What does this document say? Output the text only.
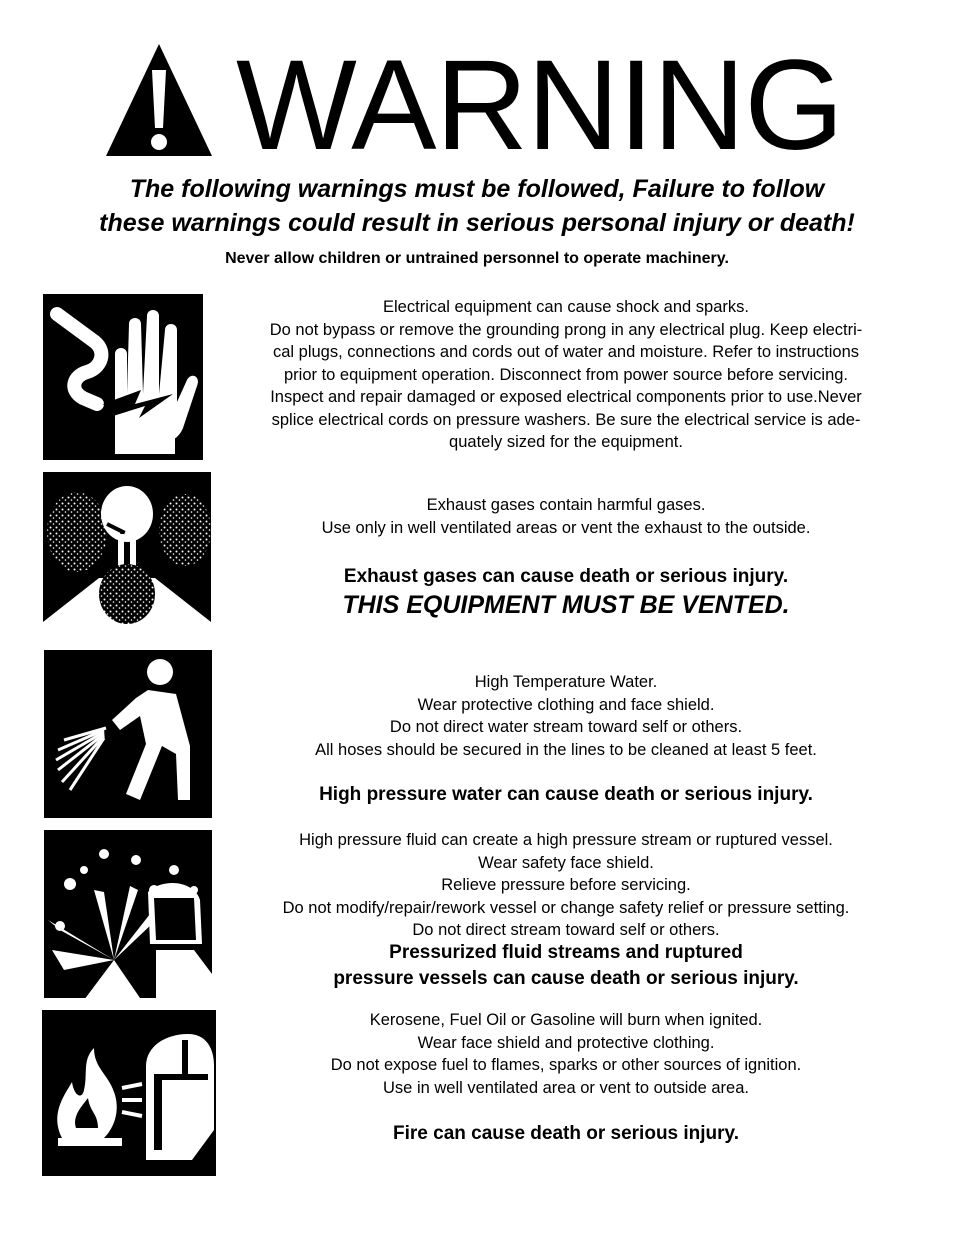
WARNING
The following warnings must be followed, Failure to follow
these warnings could result in serious personal injury or death!
Never allow children or untrained personnel to operate machinery.
Electrical equipment can cause shock and sparks.
Do not bypass or remove the grounding prong in any electrical plug. Keep electri-
cal plugs, connections and cords out of water and moisture. Refer to instructions
prior to equipment operation. Disconnect from power source before servicing.
Inspect and repair damaged or exposed electrical components prior to use.Never
splice electrical cords on pressure washers. Be sure the electrical service is ade-
quately sized for the equipment.
Exhaust gases contain harmful gases.
Use only in well ventilated areas or vent the exhaust to the outside.
Exhaust gases can cause death or serious injury.
THIS EQUIPMENT MUST BE VENTED.
High Temperature Water.
Wear protective clothing and face shield.
Do not direct water stream toward self or others.
All hoses should be secured in the lines to be cleaned at least 5 feet.
High pressure water can cause death or serious injury.
High pressure fluid can create a high pressure stream or ruptured vessel.
Wear safety face shield.
Relieve pressure before servicing.
Do not modify/repair/rework vessel or change safety relief or pressure setting.
Do not direct stream toward self or others.
Pressurized fluid streams and ruptured
pressure vessels can cause death or serious injury.
Kerosene, Fuel Oil or Gasoline will burn when ignited.
Wear face shield and protective clothing.
Do not expose fuel to flames, sparks or other sources of ignition.
Use in well ventilated area or vent to outside area.
Fire can cause death or serious injury.
